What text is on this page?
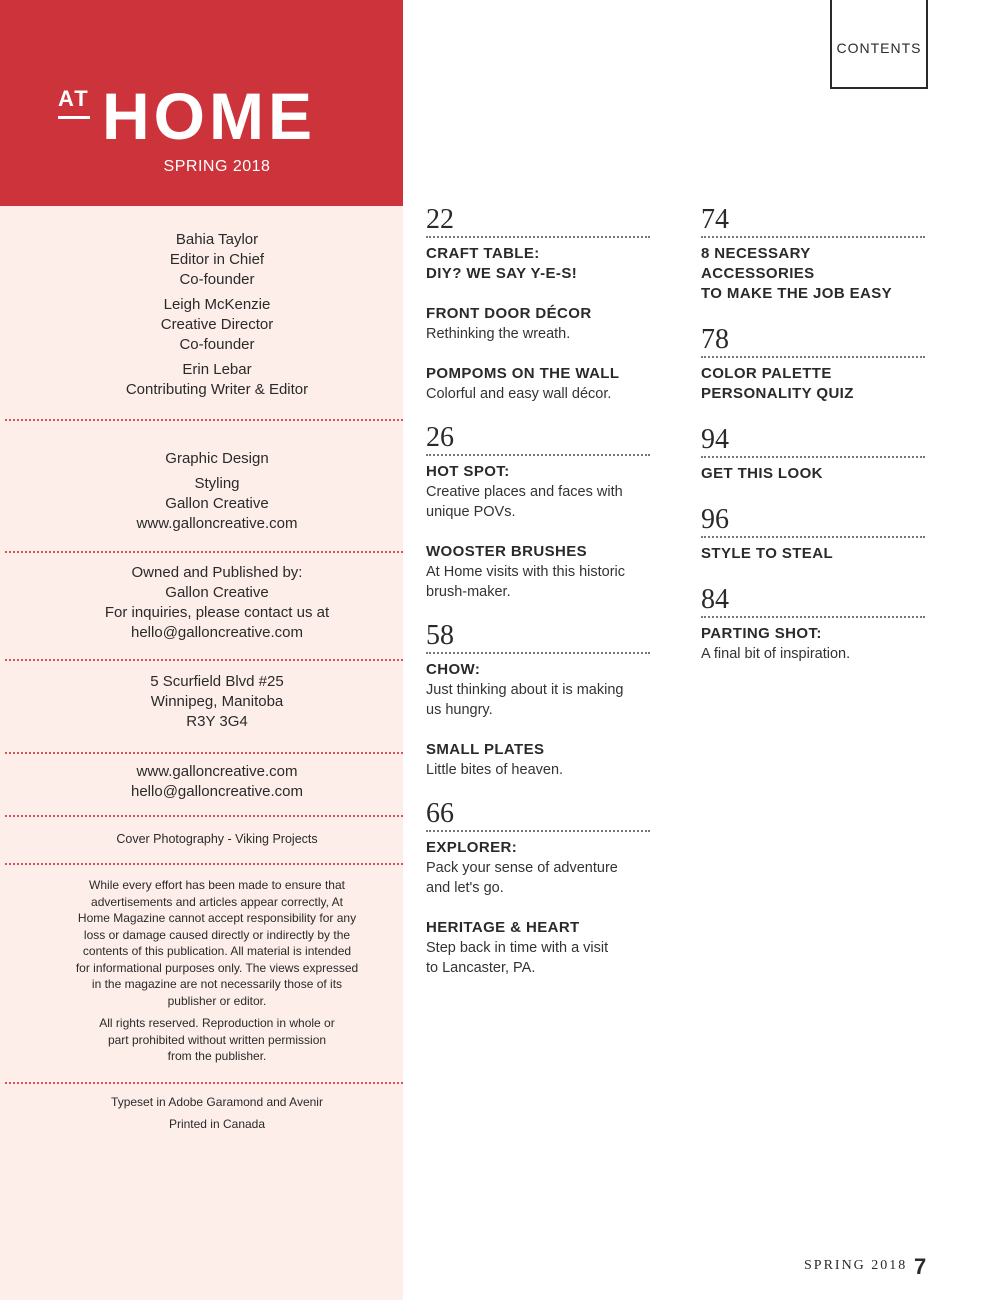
AT HOME
SPRING 2018
Bahia Taylor
Editor in Chief
Co-founder
Leigh McKenzie
Creative Director
Co-founder
Erin Lebar
Contributing Writer & Editor
Graphic Design
Styling
Gallon Creative
www.galloncreative.com
Owned and Published by:
Gallon Creative
For inquiries, please contact us at
hello@galloncreative.com
5 Scurfield Blvd #25
Winnipeg, Manitoba
R3Y 3G4
www.galloncreative.com
hello@galloncreative.com
Cover Photography - Viking Projects
While every effort has been made to ensure that
advertisements and articles appear correctly, At
Home Magazine cannot accept responsibility for any
loss or damage caused directly or indirectly by the
contents of this publication. All material is intended
for informational purposes only. The views expressed
in the magazine are not necessarily those of its
publisher or editor.
All rights reserved. Reproduction in whole or
part prohibited without written permission
from the publisher.
Typeset in Adobe Garamond and Avenir
Printed in Canada
CONTENTS
22
CRAFT TABLE:
DIY? WE SAY Y-E-S!
FRONT DOOR DÉCOR
Rethinking the wreath.
POMPOMS ON THE WALL
Colorful and easy wall décor.
26
HOT SPOT:
Creative places and faces with
unique POVs.
WOOSTER BRUSHES
At Home visits with this historic
brush-maker.
58
CHOW:
Just thinking about it is making
us hungry.
SMALL PLATES
Little bites of heaven.
66
EXPLORER:
Pack your sense of adventure
and let's go.
HERITAGE & HEART
Step back in time with a visit
to Lancaster, PA.
74
8 NECESSARY ACCESSORIES
TO MAKE THE JOB EASY
78
COLOR PALETTE
PERSONALITY QUIZ
94
GET THIS LOOK
96
STYLE TO STEAL
84
PARTING SHOT:
A final bit of inspiration.
SPRING 2018 7
